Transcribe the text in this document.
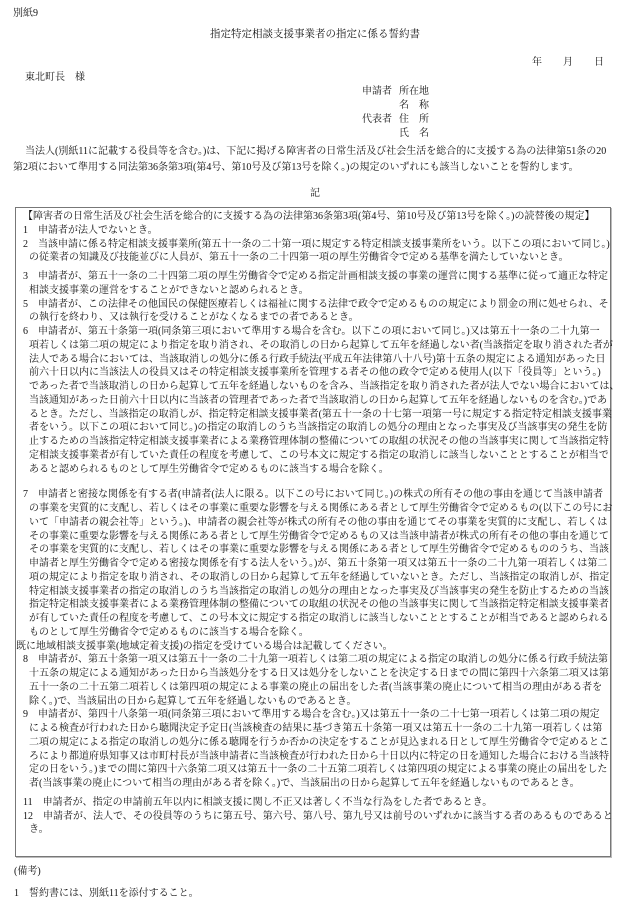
別紙9
指定特定相談支援事業者の指定に係る誓約書
年 月 日
東北町長　様
申請者 所在地
名　称
代表者 住　所
氏　名
当法人(別紙11に記載する役員等を含む。)は、下記に掲げる障害者の日常生活及び社会生活を総合的に支援する為の法律第51条の20
第2項において準用する同法第36条第3項(第4号、第10号及び第13号を除く。)の規定のいずれにも該当しないことを誓約します。
記
【障害者の日常生活及び社会生活を総合的に支援する為の法律第36条第3項(第4号、第10号及び第13号を除く。)の読替後の規定】
1　申請者が法人でないとき。
2　当該申請に係る特定相談支援事業所(第五十一条の二十第一項に規定する特定相談支援事業所をいう。以下この項において同じ。)
の従業者の知識及び技能並びに人員が、第五十一条の二十四第一項の厚生労働省令で定める基準を満たしていないとき。
3　申請者が、第五十一条の二十四第二項の厚生労働省令で定める指定計画相談支援の事業の運営に関する基準に従って適正な特定
相談支援事業の運営をすることができないと認められるとき。
5　申請者が、この法律その他国民の保健医療若しくは福祉に関する法律で政令で定めるものの規定により罰金の刑に処せられ、そ
の執行を終わり、又は執行を受けることがなくなるまでの者であるとき。
6　申請者が、第五十条第一項(同条第三項において準用する場合を含む。以下この項において同じ。)又は第五十一条の二十九第一
項若しくは第二項の規定により指定を取り消され、その取消しの日から起算して五年を経過しない者(当該指定を取り消された者が
法人である場合においては、当該取消しの処分に係る行政手続法(平成五年法律第八十八号)第十五条の規定による通知があった日
前六十日以内に当該法人の役員又はその特定相談支援事業所を管理する者その他の政令で定める使用人(以下「役員等」という。)
であった者で当該取消しの日から起算して五年を経過しないものを含み、当該指定を取り消された者が法人でない場合においては、
当該通知があった日前六十日以内に当該者の管理者であった者で当該取消しの日から起算して五年を経過しないものを含む。)であ
るとき。ただし、当該指定の取消しが、指定特定相談支援事業者(第五十一条の十七第一項第一号に規定する指定特定相談支援事業
者をいう。以下この項において同じ。)の指定の取消しのうち当該指定の取消しの処分の理由となった事実及び当該事実の発生を防
止するための当該指定特定相談支援事業者による業務管理体制の整備についての取組の状況その他の当該事実に関して当該指定特
定相談支援事業者が有していた責任の程度を考慮して、この号本文に規定する指定の取消しに該当しないこととすることが相当で
あると認められるものとして厚生労働省令で定めるものに該当する場合を除く。
7　申請者と密接な関係を有する者(申請者(法人に限る。以下この号において同じ。)の株式の所有その他の事由を通じて当該申請者
の事業を実質的に支配し、若しくはその事業に重要な影響を与える関係にある者として厚生労働省令で定めるもの(以下この号にお
いて「申請者の親会社等」という。)、申請者の親会社等が株式の所有その他の事由を通じてその事業を実質的に支配し、若しくは
その事業に重要な影響を与える関係にある者として厚生労働省令で定めるもの又は当該申請者が株式の所有その他の事由を通じて
その事業を実質的に支配し、若しくはその事業に重要な影響を与える関係にある者として厚生労働省令で定めるもののうち、当該
申請者と厚生労働省令で定める密接な関係を有する法人をいう。)が、第五十条第一項又は第五十一条の二十九第一項若しくは第二
項の規定により指定を取り消され、その取消しの日から起算して五年を経過していないとき。ただし、当該指定の取消しが、指定
特定相談支援事業者の指定の取消しのうち当該指定の取消しの処分の理由となった事実及び当該事実の発生を防止するための当該
指定特定相談支援事業者による業務管理体制の整備についての取組の状況その他の当該事実に関して当該指定特定相談支援事業者
が有していた責任の程度を考慮して、この号本文に規定する指定の取消しに該当しないこととすることが相当であると認められる
ものとして厚生労働省令で定めるものに該当する場合を除く。
既に地域相談支援事業(地域定着支援)の指定を受けている場合は記載してください。
8　申請者が、第五十条第一項又は第五十一条の二十九第一項若しくは第二項の規定による指定の取消しの処分に係る行政手続法第
十五条の規定による通知があった日から当該処分をする日又は処分をしないことを決定する日までの間に第四十六条第二項又は第
五十一条の二十五第二項若しくは第四項の規定による事業の廃止の届出をした者(当該事業の廃止について相当の理由がある者を
除く。)で、当該届出の日から起算して五年を経過しないものであるとき。
9　申請者が、第四十八条第一項(同条第三項において準用する場合を含む。)又は第五十一条の二十七第一項若しくは第二項の規定
による検査が行われた日から聴聞決定予定日(当該検査の結果に基づき第五十条第一項又は第五十一条の二十九第一項若しくは第
二項の規定による指定の取消しの処分に係る聴聞を行うか否かの決定をすることが見込まれる日として厚生労働省令で定めるとこ
ろにより都道府県知事又は市町村長が当該申請者に当該検査が行われた日から十日以内に特定の日を通知した場合における当該特
定の日をいう。)までの間に第四十六条第二項又は第五十一条の二十五第二項若しくは第四項の規定による事業の廃止の届出をした
者(当該事業の廃止について相当の理由がある者を除く。)で、当該届出の日から起算して五年を経過しないものであるとき。
11　申請者が、指定の申請前五年以内に相談支援に関し不正又は著しく不当な行為をした者であるとき。
12　申請者が、法人で、その役員等のうちに第五号、第六号、第八号、第九号又は前号のいずれかに該当する者のあるものであると
き。
(備考)
1　誓約書には、別紙11を添付すること。
